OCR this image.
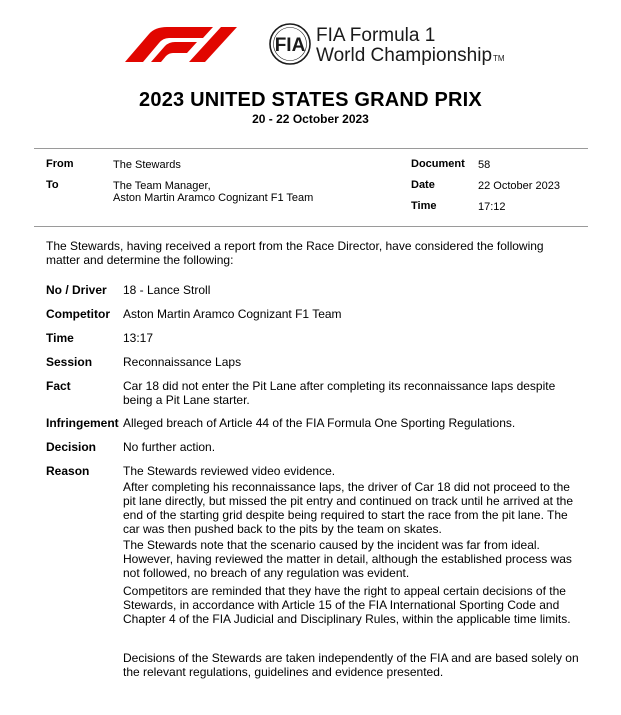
FIA FIA Formula 1
World ChampionshipTM
2023 UNITED STATES GRAND PRIX
20 - 22 October 2023
From	The Stewards
To	The Team Manager,
Aston Martin Aramco Cognizant F1 Team
Document 58
Date	22 October 2023
Time	17:12
The Stewards, having received a report from the Race Director, have considered the following matter and determine the following:
No / Driver 18 - Lance Stroll
Competitor Aston Martin Aramco Cognizant F1 Team
Time	13:17
Session	Reconnaissance Laps
Fact	Car 18 did not enter the Pit Lane after completing its reconnaissance laps despite being a Pit Lane starter.
Infringement Alleged breach of Article 44 of the FIA Formula One Sporting Regulations.
Decision No further action.
Reason	The Stewards reviewed video evidence.
After completing his reconnaissance laps, the driver of Car 18 did not proceed to the pit lane directly, but missed the pit entry and continued on track until he arrived at the end of the starting grid despite being required to start the race from the pit lane. The car was then pushed back to the pits by the team on skates.
The Stewards note that the scenario caused by the incident was far from ideal. However, having reviewed the matter in detail, although the established process was not followed, no breach of any regulation was evident.
Competitors are reminded that they have the right to appeal certain decisions of the Stewards, in accordance with Article 15 of the FIA International Sporting Code and Chapter 4 of the FIA Judicial and Disciplinary Rules, within the applicable time limits.
Decisions of the Stewards are taken independently of the FIA and are based solely on the relevant regulations, guidelines and evidence presented.
